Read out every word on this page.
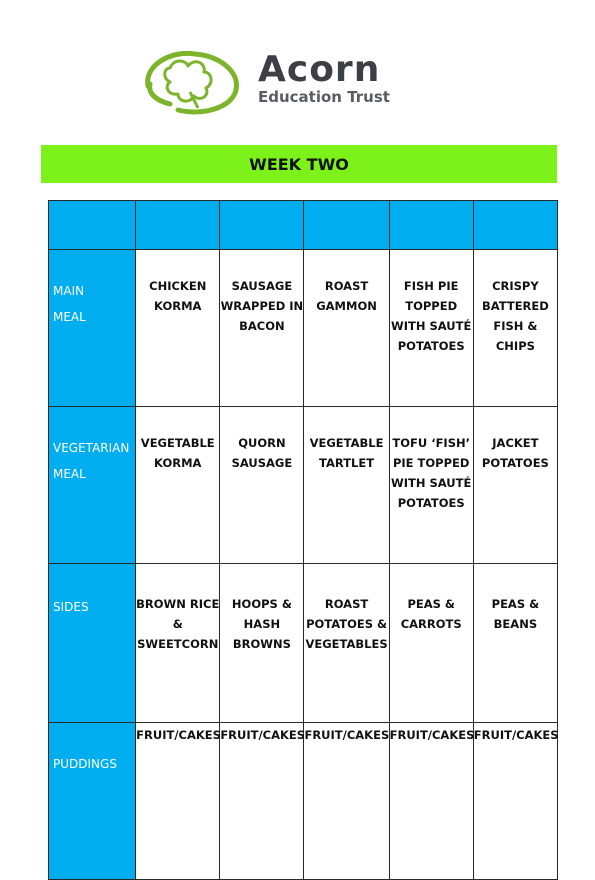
Acorn
Education Trust
WEEK TWO

MAIN
MEAL	CHICKEN
KORMA	SAUSAGE
WRAPPED IN
BACON	ROAST
GAMMON	FISH PIE
TOPPED
WITH SAUTÉ
POTATOES	CRISPY
BATTERED
FISH & CHIPS

VEGETARIAN
MEAL	VEGETABLE
KORMA	QUORN
SAUSAGE	VEGETABLE
TARTLET	TOFU ‘FISH’
PIE TOPPED
WITH SAUTÉ
POTATOES	JACKET
POTATOES

SIDES	BROWN RICE
&
SWEETCORN	HOOPS &
HASH
BROWNS	ROAST
POTATOES &
VEGETABLES	PEAS &
CARROTS	PEAS &
BEANS

PUDDINGS	FRUIT/CAKES	FRUIT/CAKES	FRUIT/CAKES	FRUIT/CAKES	FRUIT/CAKES
